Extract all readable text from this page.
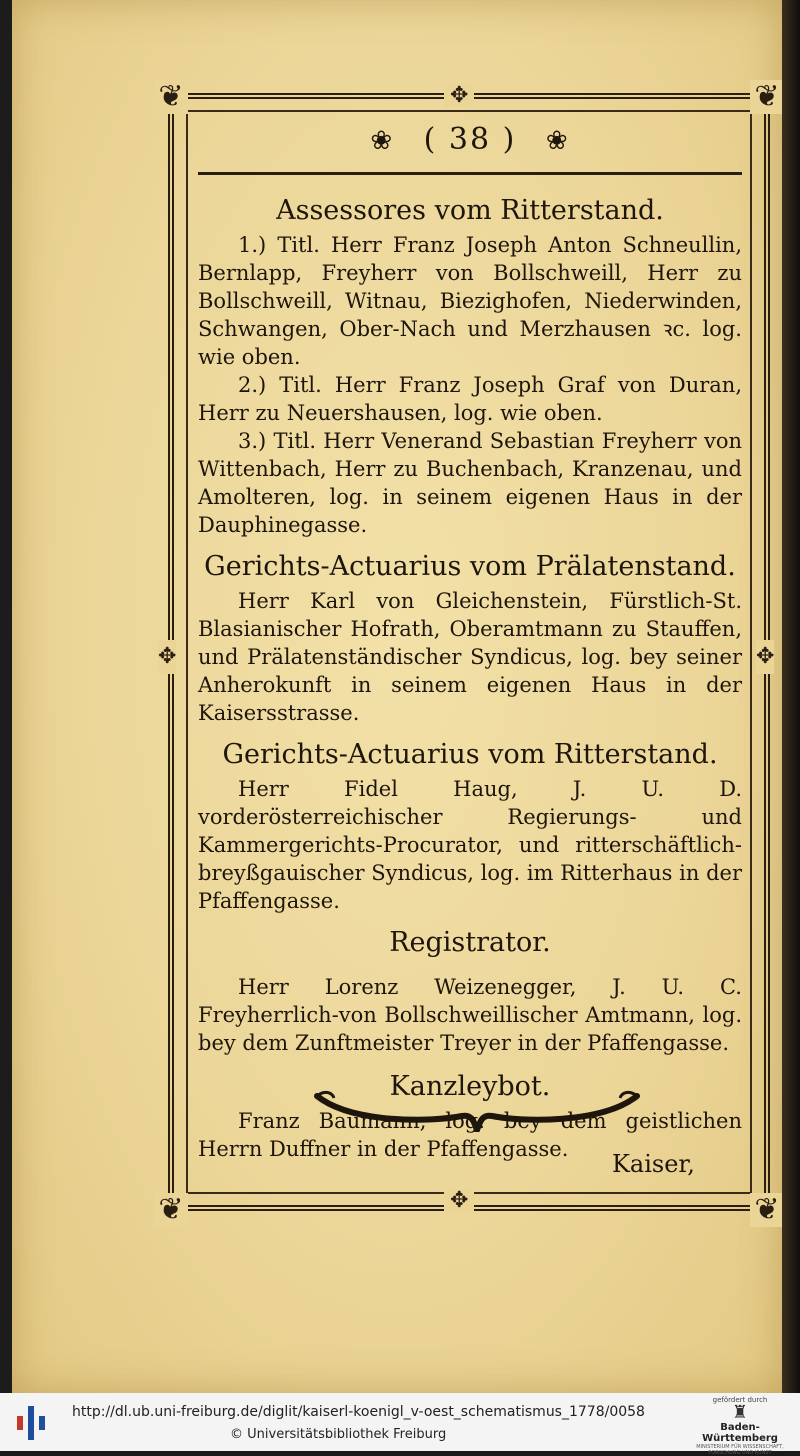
❦	❦
❦	❦
✥
✥
✥	✥
❀ ( 38 ) ❀
Assessores vom Ritterstand.

1.) Titl. Herr Franz Joseph Anton Schneullin, Bernlapp, Freyherr von Bollschweill, Herr zu Bollschweill, Witnau, Biezighofen, Niederwinden, Schwangen, Ober-Nach und Merzhausen ꝛc. log. wie oben.

2.) Titl. Herr Franz Joseph Graf von Duran, Herr zu Neuershausen, log. wie oben.

3.) Titl. Herr Venerand Sebastian Freyherr von Wittenbach, Herr zu Buchenbach, Kranzenau, und Amolteren, log. in seinem eigenen Haus in der Dauphinegasse.

Gerichts-Actuarius vom Prälatenstand.

Herr Karl von Gleichenstein, Fürstlich-St. Blasianischer Hofrath, Oberamtmann zu Stauffen, und Prälatenständischer Syndicus, log. bey seiner Anherokunft in seinem eigenen Haus in der Kaisersstrasse.

Gerichts-Actuarius vom Ritterstand.

Herr Fidel Haug, J. U. D. vorderösterreichischer Regierungs- und Kammergerichts-Procurator, und ritterschäftlich-breyßgauischer Syndicus, log. im Ritterhaus in der Pfaffengasse.

Registrator.

Herr Lorenz Weizenegger, J. U. C. Freyherrlich-von Bollschweillischer Amtmann, log. bey dem Zunftmeister Treyer in der Pfaffengasse.

Kanzleybot.

Franz Baumann, log. bey dem geistlichen Herrn Duffner in der Pfaffengasse.

Kaiser,
http://dl.ub.uni-freiburg.de/diglit/kaiserl-koenigl_v-oest_schematismus_1778/0058
© Universitätsbibliothek Freiburg
gefördert durch
♜
Baden-Württemberg
MINISTERIUM FÜR WISSENSCHAFT, FORSCHUNG UND KUNST
